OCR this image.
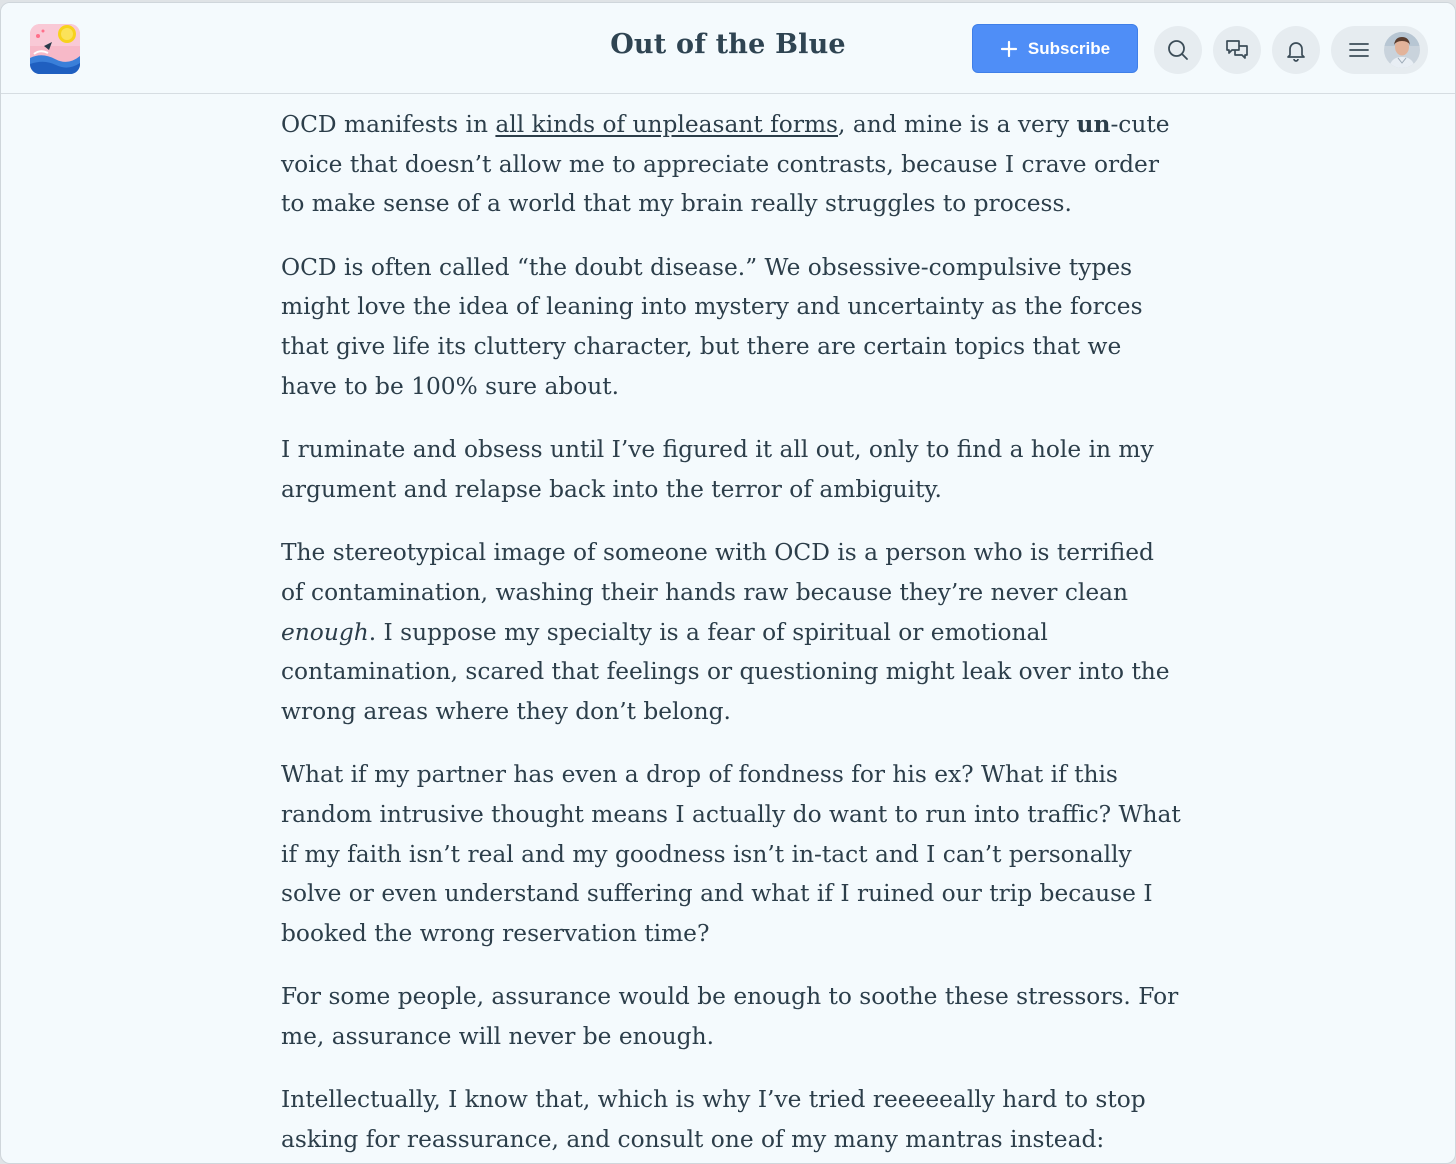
Out of the Blue	Subscribe

OCD manifests in all kinds of unpleasant forms, and mine is a very un-cute voice that doesn’t allow me to appreciate contrasts, because I crave order to make sense of a world that my brain really struggles to process.

OCD is often called “the doubt disease.” We obsessive-compulsive types might love the idea of leaning into mystery and uncertainty as the forces that give life its cluttery character, but there are certain topics that we have to be 100% sure about.

I ruminate and obsess until I’ve figured it all out, only to find a hole in my argument and relapse back into the terror of ambiguity.

The stereotypical image of someone with OCD is a person who is terrified of contamination, washing their hands raw because they’re never clean enough. I suppose my specialty is a fear of spiritual or emotional contamination, scared that feelings or questioning might leak over into the wrong areas where they don’t belong.

What if my partner has even a drop of fondness for his ex? What if this random intrusive thought means I actually do want to run into traffic? What if my faith isn’t real and my goodness isn’t in-tact and I can’t personally solve or even understand suffering and what if I ruined our trip because I booked the wrong reservation time?

For some people, assurance would be enough to soothe these stressors. For me, assurance will never be enough.

Intellectually, I know that, which is why I’ve tried reeeeeally hard to stop asking for reassurance, and consult one of my many mantras instead:
